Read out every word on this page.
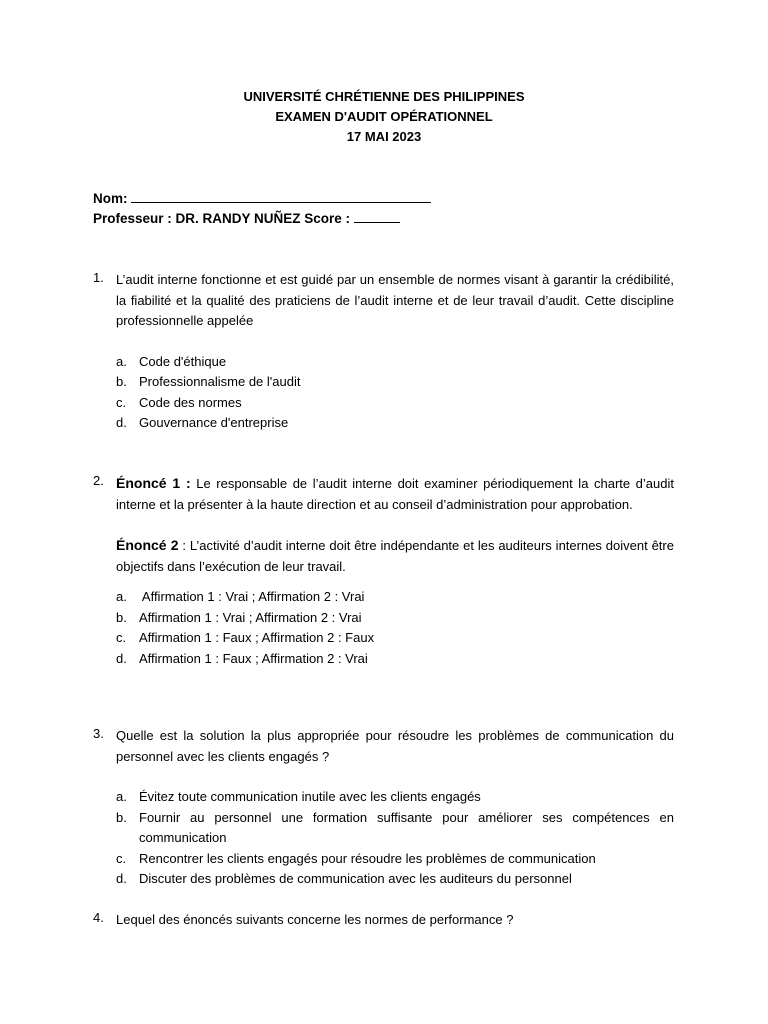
UNIVERSITÉ CHRÉTIENNE DES PHILIPPINES
EXAMEN D'AUDIT OPÉRATIONNEL
17 MAI 2023
Nom:
Professeur : DR. RANDY NUÑEZ Score :
1. L’audit interne fonctionne et est guidé par un ensemble de normes visant à garantir la crédibilité, la fiabilité et la qualité des praticiens de l’audit interne et de leur travail d’audit. Cette discipline professionnelle appelée
a. Code d'éthique
b. Professionnalisme de l'audit
c. Code des normes
d. Gouvernance d'entreprise
2. Énoncé 1 : Le responsable de l’audit interne doit examiner périodiquement la charte d’audit interne et la présenter à la haute direction et au conseil d’administration pour approbation.
Énoncé 2 : L’activité d’audit interne doit être indépendante et les auditeurs internes doivent être objectifs dans l’exécution de leur travail.
a. Affirmation 1 : Vrai ; Affirmation 2 : Vrai
b. Affirmation 1 : Vrai ; Affirmation 2 : Vrai
c. Affirmation 1 : Faux ; Affirmation 2 : Faux
d. Affirmation 1 : Faux ; Affirmation 2 : Vrai
3. Quelle est la solution la plus appropriée pour résoudre les problèmes de communication du personnel avec les clients engagés ?
a. Évitez toute communication inutile avec les clients engagés
b. Fournir au personnel une formation suffisante pour améliorer ses compétences en communication
c. Rencontrer les clients engagés pour résoudre les problèmes de communication
d. Discuter des problèmes de communication avec les auditeurs du personnel
4. Lequel des énoncés suivants concerne les normes de performance ?
